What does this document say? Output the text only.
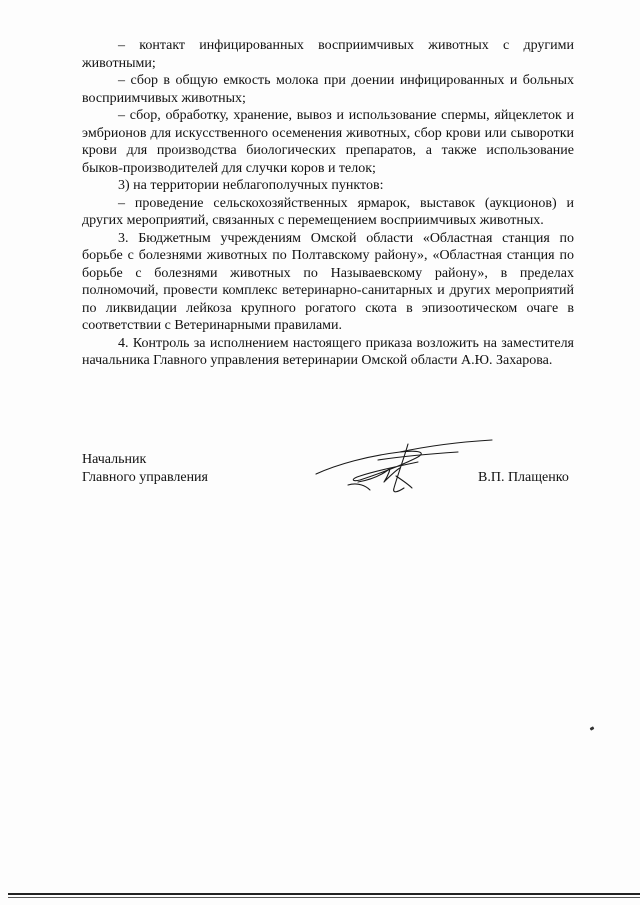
– контакт инфицированных восприимчивых животных с другими животными;

– сбор в общую емкость молока при доении инфицированных и больных восприимчивых животных;

– сбор, обработку, хранение, вывоз и использование спермы, яйцеклеток и эмбрионов для искусственного осеменения животных, сбор крови или сыворотки крови для производства биологических препаратов, а также использование быков-производителей для случки коров и телок;

3) на территории неблагополучных пунктов:

– проведение сельскохозяйственных ярмарок, выставок (аукционов) и других мероприятий, связанных с перемещением восприимчивых животных.

3. Бюджетным учреждениям Омской области «Областная станция по борьбе с болезнями животных по Полтавскому району», «Областная станция по борьбе с болезнями животных по Называевскому району», в пределах полномочий, провести комплекс ветеринарно-санитарных и других мероприятий по ликвидации лейкоза крупного рогатого скота в эпизоотическом очаге в соответствии с Ветеринарными правилами.

4. Контроль за исполнением настоящего приказа возложить на заместителя начальника Главного управления ветеринарии Омской области А.Ю. Захарова.

Начальник
Главного управления	В.П. Плащенко
